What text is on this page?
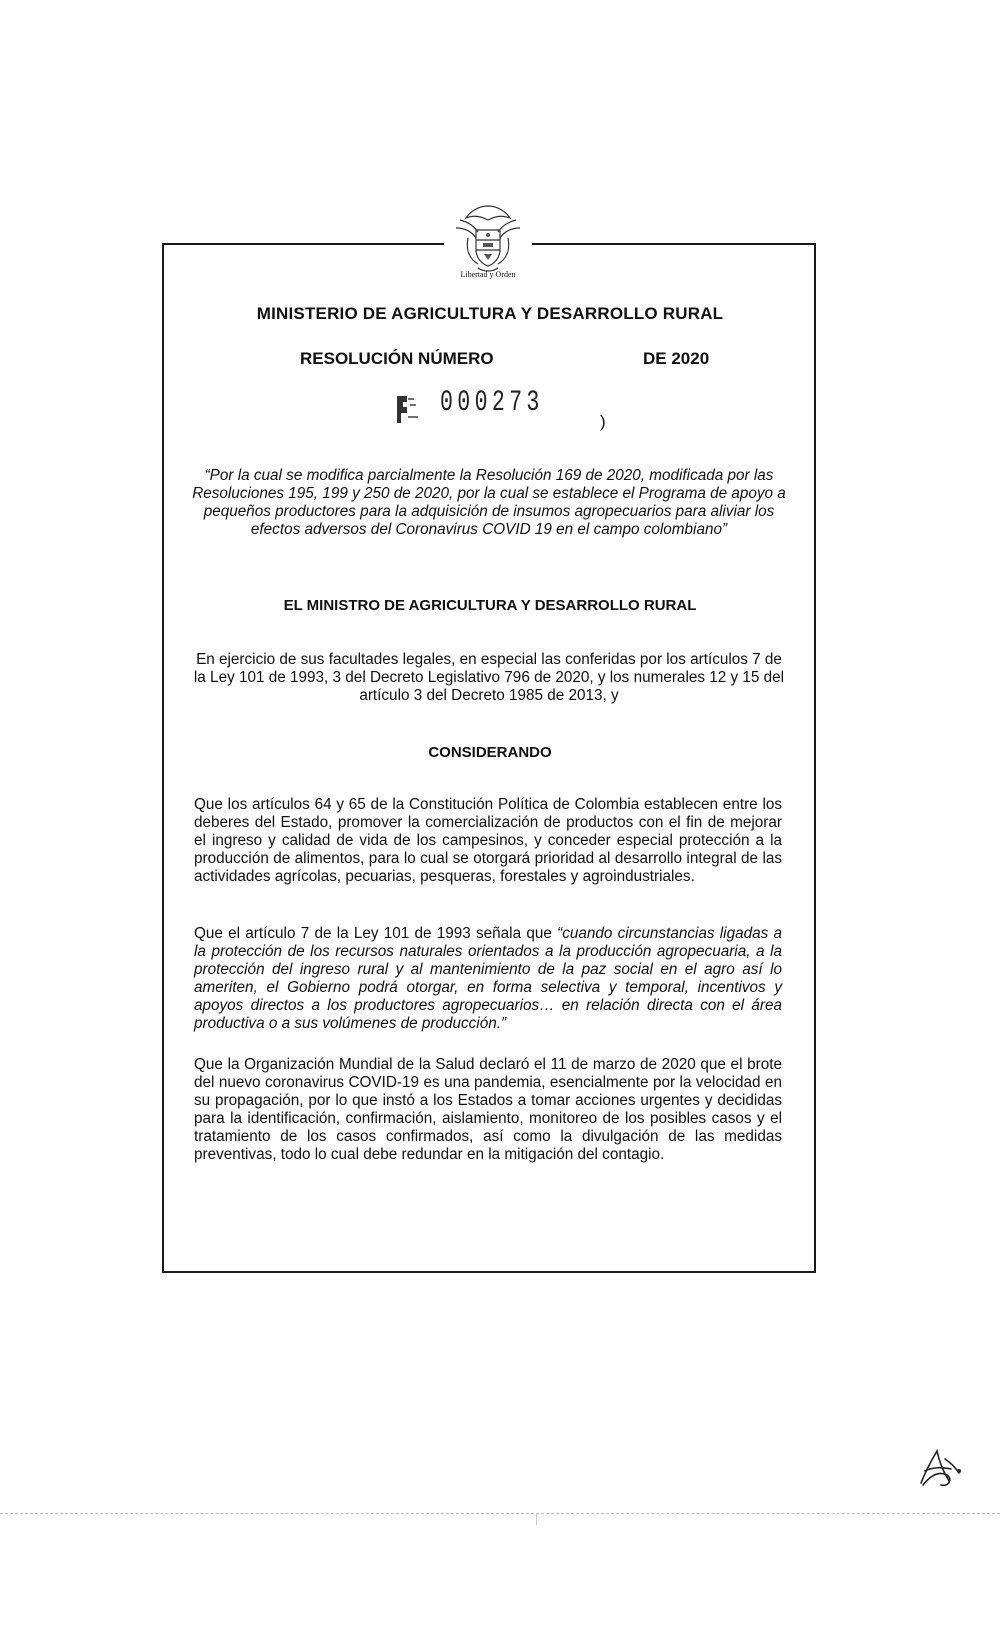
Libertad y Orden
MINISTERIO DE AGRICULTURA Y DESARROLLO RURAL
RESOLUCIÓN NÚMERO	DE 2020
000273
)
“Por la cual se modifica parcialmente la Resolución 169 de 2020, modificada por las Resoluciones 195, 199 y 250 de 2020, por la cual se establece el Programa de apoyo a pequeños productores para la adquisición de insumos agropecuarios para aliviar los efectos adversos del Coronavirus COVID 19 en el campo colombiano”
EL MINISTRO DE AGRICULTURA Y DESARROLLO RURAL
En ejercicio de sus facultades legales, en especial las conferidas por los artículos 7 de la Ley 101 de 1993, 3 del Decreto Legislativo 796 de 2020, y los numerales 12 y 15 del artículo 3 del Decreto 1985 de 2013, y
CONSIDERANDO
Que los artículos 64 y 65 de la Constitución Política de Colombia establecen entre los deberes del Estado, promover la comercialización de productos con el fin de mejorar el ingreso y calidad de vida de los campesinos, y conceder especial protección a la producción de alimentos, para lo cual se otorgará prioridad al desarrollo integral de las actividades agrícolas, pecuarias, pesqueras, forestales y agroindustriales.
Que el artículo 7 de la Ley 101 de 1993 señala que “cuando circunstancias ligadas a la protección de los recursos naturales orientados a la producción agropecuaria, a la protección del ingreso rural y al mantenimiento de la paz social en el agro así lo ameriten, el Gobierno podrá otorgar, en forma selectiva y temporal, incentivos y apoyos directos a los productores agropecuarios… en relación directa con el área productiva o a sus volúmenes de producción.”
Que la Organización Mundial de la Salud declaró el 11 de marzo de 2020 que el brote del nuevo coronavirus COVID-19 es una pandemia, esencialmente por la velocidad en su propagación, por lo que instó a los Estados a tomar acciones urgentes y decididas para la identificación, confirmación, aislamiento, monitoreo de los posibles casos y el tratamiento de los casos confirmados, así como la divulgación de las medidas preventivas, todo lo cual debe redundar en la mitigación del contagio.
